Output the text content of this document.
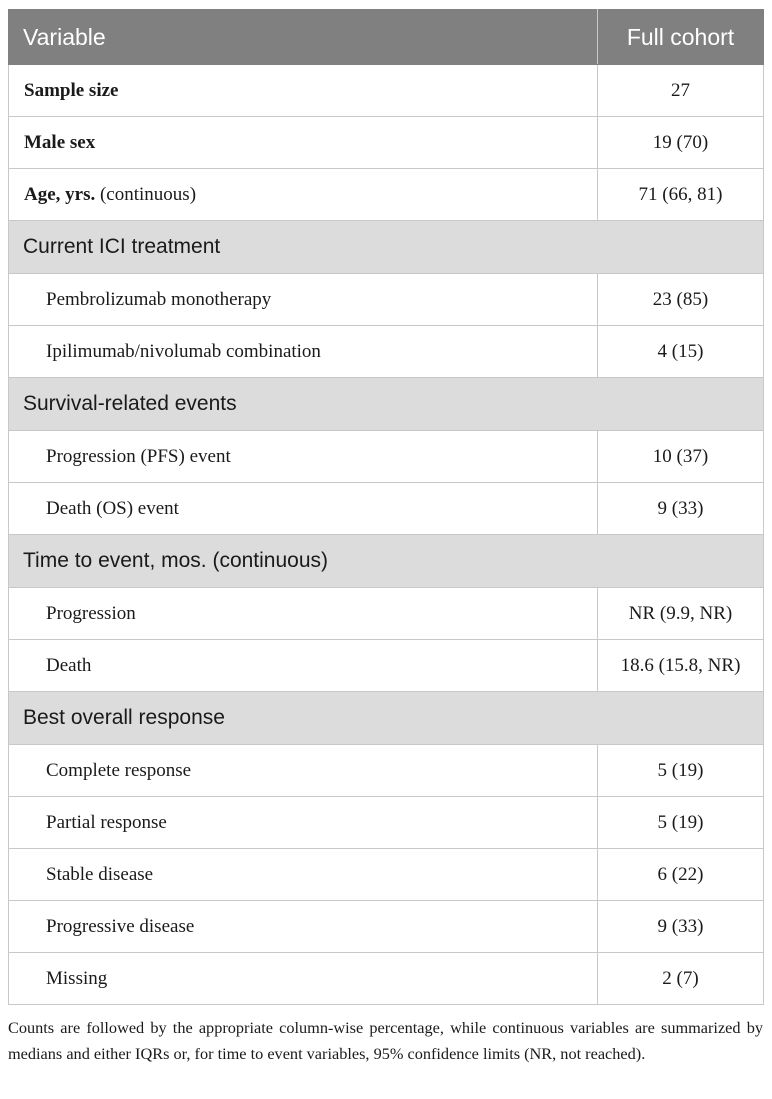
Variable	Full cohort
Sample size	27
Male sex	19 (70)
Age, yrs. (continuous)	71 (66, 81)
Current ICI treatment	
Pembrolizumab monotherapy	23 (85)
Ipilimumab/nivolumab combination	4 (15)
Survival-related events	
Progression (PFS) event	10 (37)
Death (OS) event	9 (33)
Time to event, mos. (continuous)	
Progression	NR (9.9, NR)
Death	18.6 (15.8, NR)
Best overall response	
Complete response	5 (19)
Partial response	5 (19)
Stable disease	6 (22)
Progressive disease	9 (33)
Missing	2 (7)

Counts are followed by the appropriate column-wise percentage, while continuous variables are summarized by medians and either IQRs or, for time to event variables, 95% confidence limits (NR, not reached).
